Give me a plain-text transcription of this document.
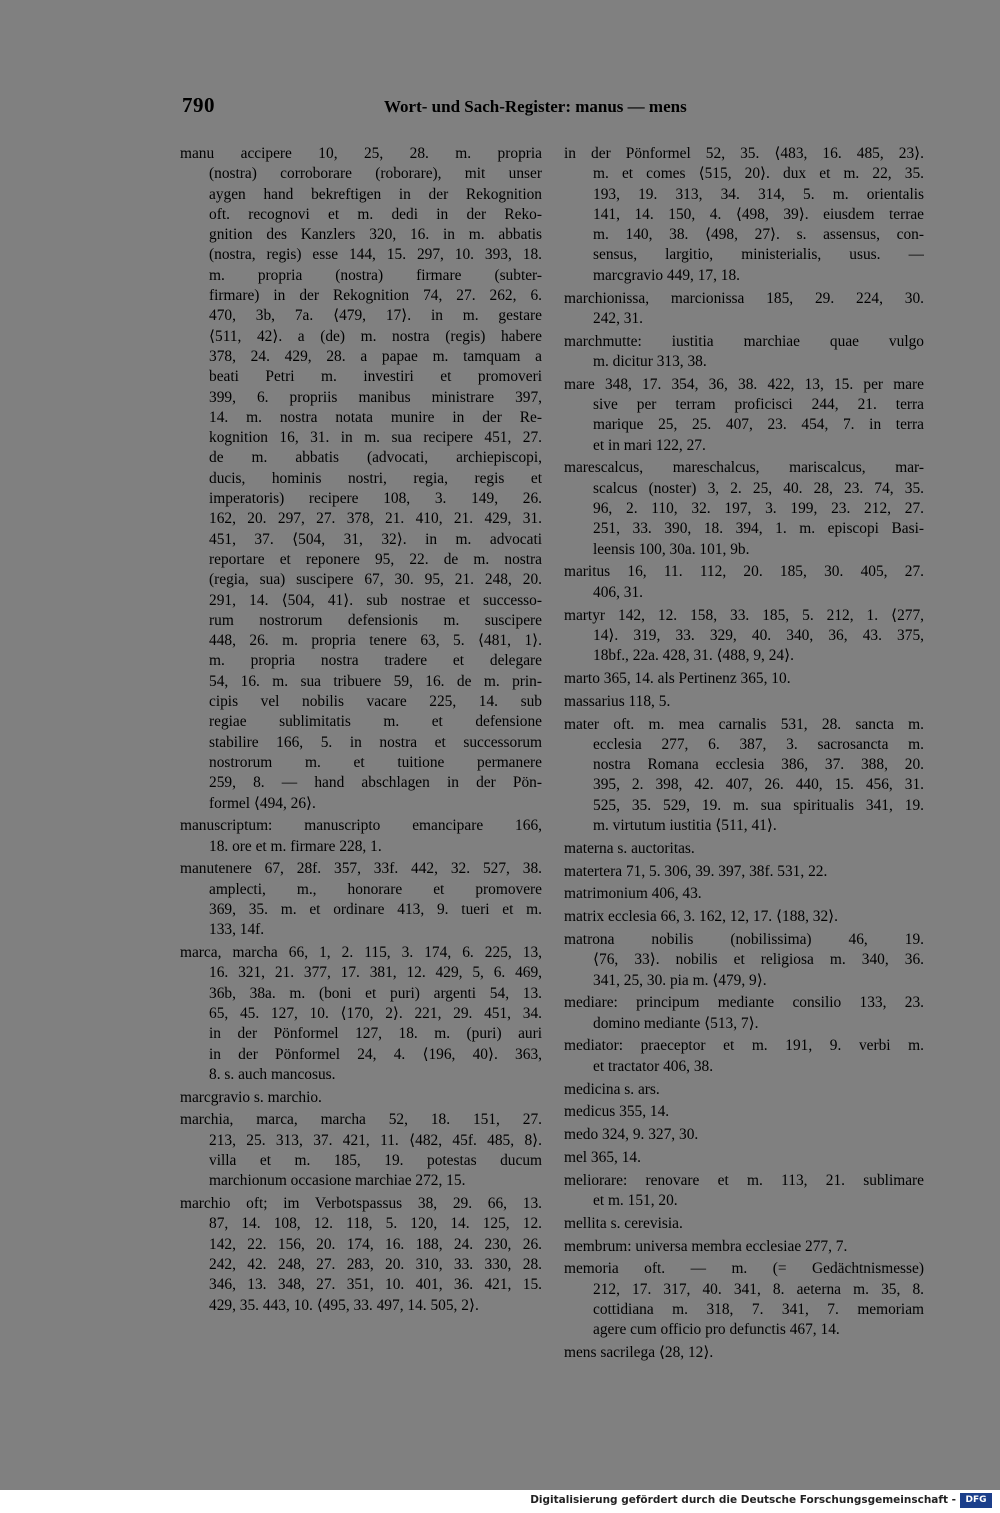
790	Wort- und Sach-Register: manus — mens
manu accipere 10, 25, 28. m. propria
(nostra) corroborare (roborare), mit unser
aygen hand bekreftigen in der Rekognition
oft. recognovi et m. dedi in der Reko-
gnition des Kanzlers 320, 16. in m. abbatis
(nostra, regis) esse 144, 15. 297, 10. 393, 18.
m. propria (nostra) firmare (subter-
firmare) in der Rekognition 74, 27. 262, 6.
470, 3b, 7a. ⟨479, 17⟩. in m. gestare
⟨511, 42⟩. a (de) m. nostra (regis) habere
378, 24. 429, 28. a papae m. tamquam a
beati Petri m. investiri et promoveri
399, 6. propriis manibus ministrare 397,
14. m. nostra notata munire in der Re-
kognition 16, 31. in m. sua recipere 451, 27.
de m. abbatis (advocati, archiepiscopi,
ducis, hominis nostri, regia, regis et
imperatoris) recipere 108, 3. 149, 26.
162, 20. 297, 27. 378, 21. 410, 21. 429, 31.
451, 37. ⟨504, 31, 32⟩. in m. advocati
reportare et reponere 95, 22. de m. nostra
(regia, sua) suscipere 67, 30. 95, 21. 248, 20.
291, 14. ⟨504, 41⟩. sub nostrae et successo-
rum nostrorum defensionis m. suscipere
448, 26. m. propria tenere 63, 5. ⟨481, 1⟩.
m. propria nostra tradere et delegare
54, 16. m. sua tribuere 59, 16. de m. prin-
cipis vel nobilis vacare 225, 14. sub
regiae sublimitatis m. et defensione
stabilire 166, 5. in nostra et successorum
nostrorum m. et tuitione permanere
259, 8. — hand abschlagen in der Pön-
formel ⟨494, 26⟩.
manuscriptum: manuscripto emancipare 166,
18. ore et m. firmare 228, 1.
manutenere 67, 28f. 357, 33f. 442, 32. 527, 38.
amplecti, m., honorare et promovere
369, 35. m. et ordinare 413, 9. tueri et m.
133, 14f.
marca, marcha 66, 1, 2. 115, 3. 174, 6. 225, 13,
16. 321, 21. 377, 17. 381, 12. 429, 5, 6. 469,
36b, 38a. m. (boni et puri) argenti 54, 13.
65, 45. 127, 10. ⟨170, 2⟩. 221, 29. 451, 34.
in der Pönformel 127, 18. m. (puri) auri
in der Pönformel 24, 4. ⟨196, 40⟩. 363,
8. s. auch mancosus.
marcgravio s. marchio.
marchia, marca, marcha 52, 18. 151, 27.
213, 25. 313, 37. 421, 11. ⟨482, 45f. 485, 8⟩.
villa et m. 185, 19. potestas ducum
marchionum occasione marchiae 272, 15.
marchio oft; im Verbotspassus 38, 29. 66, 13.
87, 14. 108, 12. 118, 5. 120, 14. 125, 12.
142, 22. 156, 20. 174, 16. 188, 24. 230, 26.
242, 42. 248, 27. 283, 20. 310, 33. 330, 28.
346, 13. 348, 27. 351, 10. 401, 36. 421, 15.
429, 35. 443, 10. ⟨495, 33. 497, 14. 505, 2⟩.
in der Pönformel 52, 35. ⟨483, 16. 485, 23⟩.
m. et comes ⟨515, 20⟩. dux et m. 22, 35.
193, 19. 313, 34. 314, 5. m. orientalis
141, 14. 150, 4. ⟨498, 39⟩. eiusdem terrae
m. 140, 38. ⟨498, 27⟩. s. assensus, con-
sensus, largitio, ministerialis, usus. —
marcgravio 449, 17, 18.
marchionissa, marcionissa 185, 29. 224, 30.
242, 31.
marchmutte: iustitia marchiae quae vulgo
m. dicitur 313, 38.
mare 348, 17. 354, 36, 38. 422, 13, 15. per mare
sive per terram proficisci 244, 21. terra
marique 25, 25. 407, 23. 454, 7. in terra
et in mari 122, 27.
marescalcus, mareschalcus, mariscalcus, mar-
scalcus (noster) 3, 2. 25, 40. 28, 23. 74, 35.
96, 2. 110, 32. 197, 3. 199, 23. 212, 27.
251, 33. 390, 18. 394, 1. m. episcopi Basi-
leensis 100, 30a. 101, 9b.
maritus 16, 11. 112, 20. 185, 30. 405, 27.
406, 31.
martyr 142, 12. 158, 33. 185, 5. 212, 1. ⟨277,
14⟩. 319, 33. 329, 40. 340, 36, 43. 375,
18bf., 22a. 428, 31. ⟨488, 9, 24⟩.
marto 365, 14. als Pertinenz 365, 10.
massarius 118, 5.
mater oft. m. mea carnalis 531, 28. sancta m.
ecclesia 277, 6. 387, 3. sacrosancta m.
nostra Romana ecclesia 386, 37. 388, 20.
395, 2. 398, 42. 407, 26. 440, 15. 456, 31.
525, 35. 529, 19. m. sua spiritualis 341, 19.
m. virtutum iustitia ⟨511, 41⟩.
materna s. auctoritas.
matertera 71, 5. 306, 39. 397, 38f. 531, 22.
matrimonium 406, 43.
matrix ecclesia 66, 3. 162, 12, 17. ⟨188, 32⟩.
matrona nobilis (nobilissima) 46, 19.
⟨76, 33⟩. nobilis et religiosa m. 340, 36.
341, 25, 30. pia m. ⟨479, 9⟩.
mediare: principum mediante consilio 133, 23.
domino mediante ⟨513, 7⟩.
mediator: praeceptor et m. 191, 9. verbi m.
et tractator 406, 38.
medicina s. ars.
medicus 355, 14.
medo 324, 9. 327, 30.
mel 365, 14.
meliorare: renovare et m. 113, 21. sublimare
et m. 151, 20.
mellita s. cerevisia.
membrum: universa membra ecclesiae 277, 7.
memoria oft. — m. (= Gedächtnismesse)
212, 17. 317, 40. 341, 8. aeterna m. 35, 8.
cottidiana m. 318, 7. 341, 7. memoriam
agere cum officio pro defunctis 467, 14.
mens sacrilega ⟨28, 12⟩.
Digitalisierung gefördert durch die Deutsche Forschungsgemeinschaft -	DFG
